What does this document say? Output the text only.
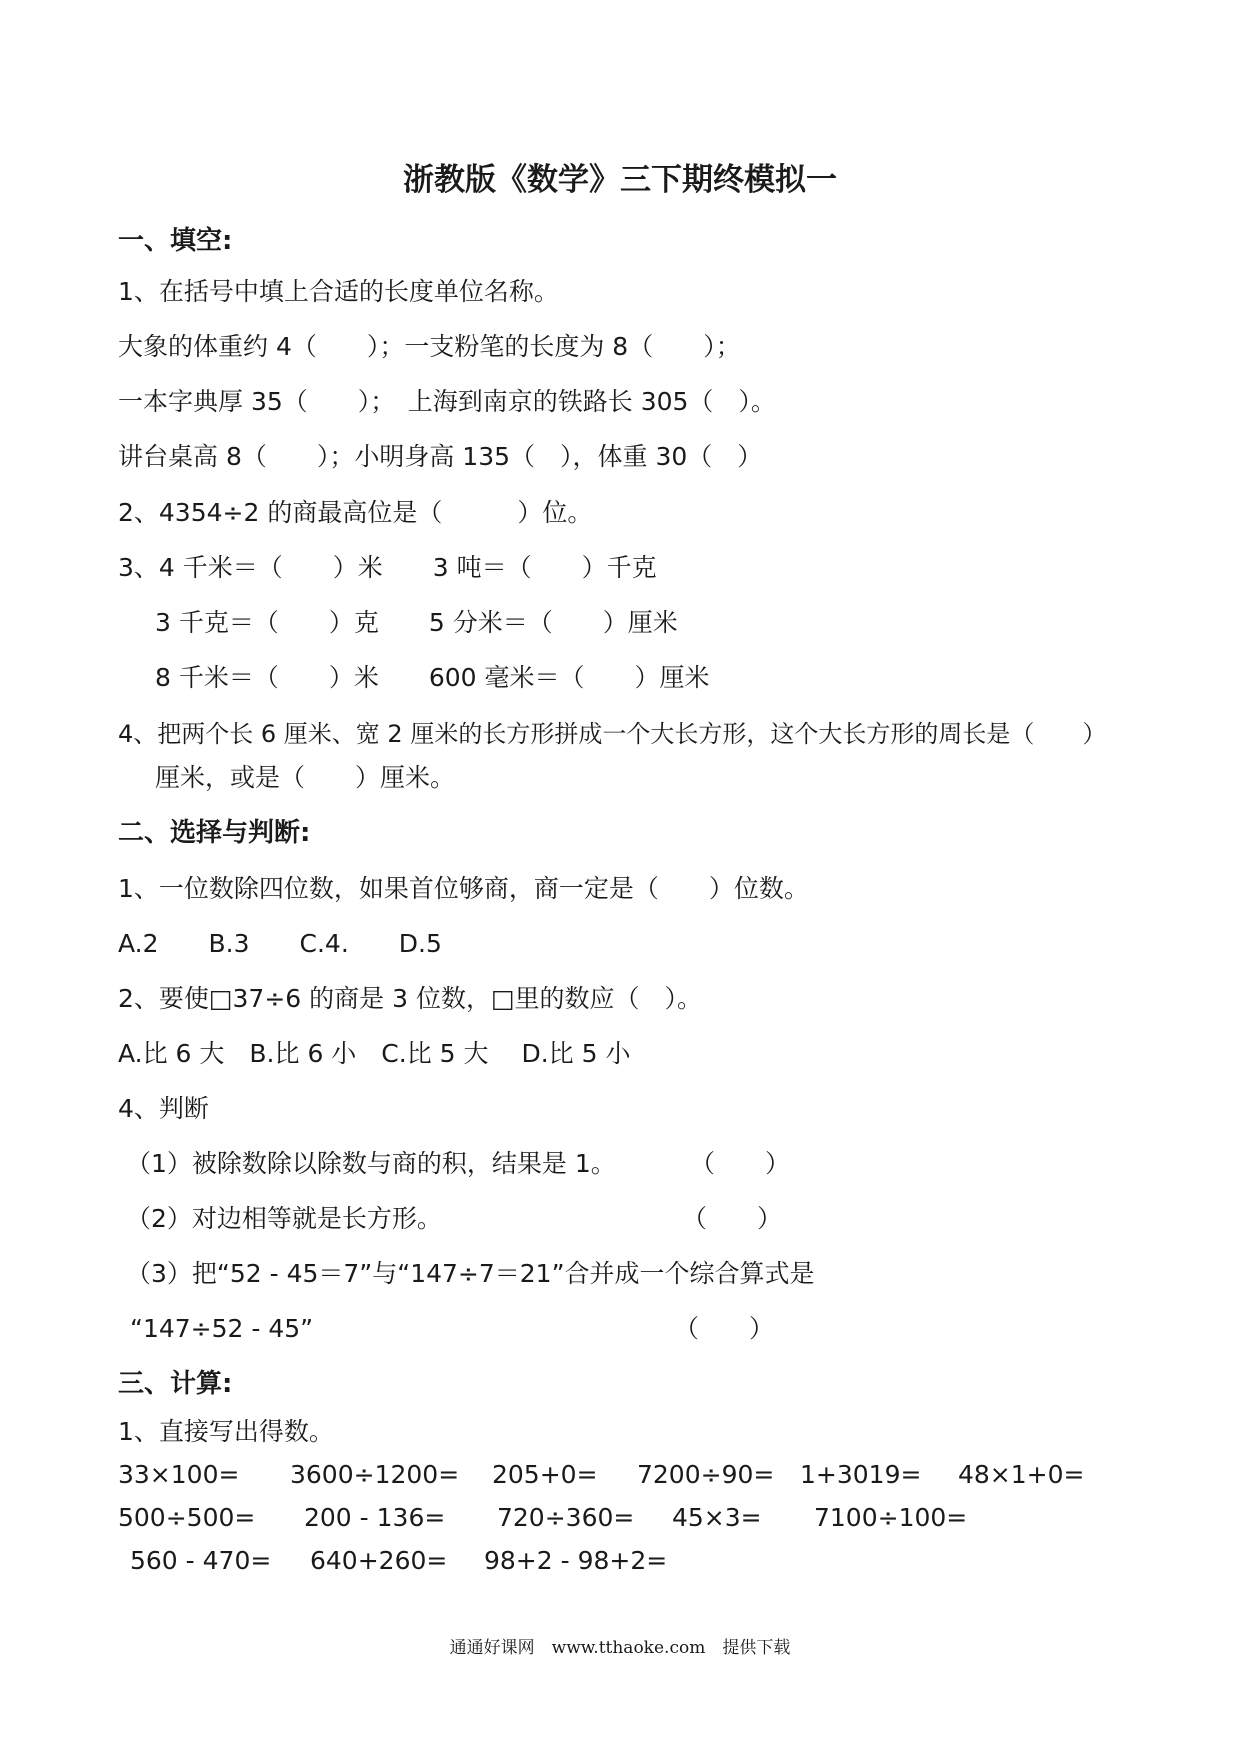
浙教版《数学》三下期终模拟一
一、填空:
1、在括号中填上合适的长度单位名称。
大象的体重约 4（　　）；一支粉笔的长度为 8（　　）；
一本字典厚 35（　　）；　上海到南京的铁路长 305（　）。
讲台桌高 8（　　）；小明身高 135（　），体重 30（　）
2、4354÷2 的商最高位是（　　　）位。
3、4 千米＝（　　）米　　3 吨＝（　　）千克
3 千克＝（　　）克　　5 分米＝（　　）厘米
8 千米＝（　　）米　　600 毫米＝（　　）厘米
4、把两个长 6 厘米、宽 2 厘米的长方形拼成一个大长方形，这个大长方形的周长是（　　）
厘米，或是（　　）厘米。
二、选择与判断:
1、一位数除四位数，如果首位够商，商一定是（　　）位数。
A.2　　B.3　　C.4.　　D.5
2、要使□37÷6 的商是 3 位数，□里的数应（　）。
A.比 6 大　B.比 6 小　C.比 5 大　 D.比 5 小
4、判断
（1）被除数除以除数与商的积，结果是 1。	（　　）
（2）对边相等就是长方形。	（　　）
（3）把“52 - 45＝7”与“147÷7＝21”合并成一个综合算式是
“147÷52 - 45”	（　　）
三、计算:
1、直接写出得数。
33×100= 3600÷1200= 205+0= 7200÷90= 1+3019= 48×1+0=
500÷500= 200 - 136= 720÷360= 45×3= 7100÷100=
560 - 470= 640+260= 98+2 - 98+2=
通通好课网　www.tthaoke.com　提供下载
